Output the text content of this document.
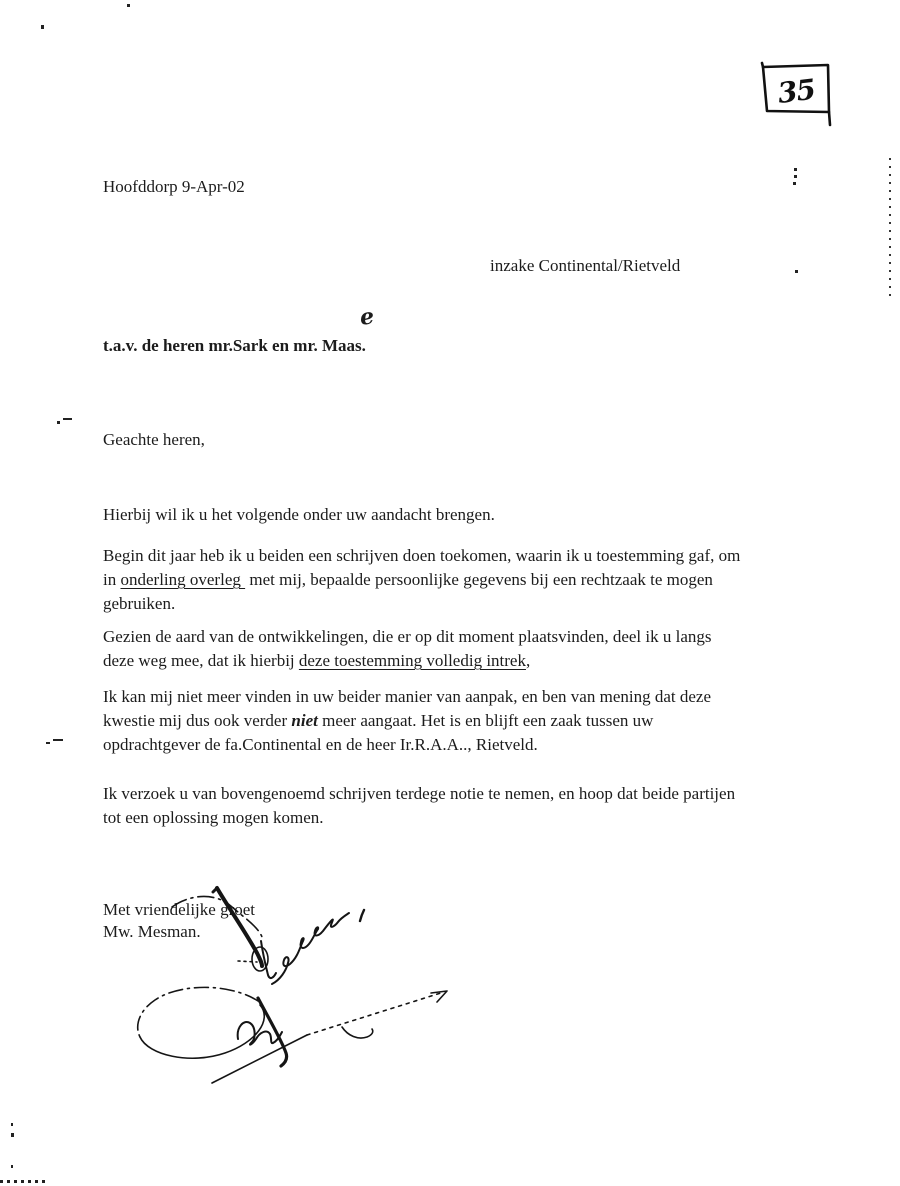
35
Hoofddorp 9-Apr-02
inzake Continental/Rietveld
e
t.a.v. de heren mr.Sark en mr. Maas.
Geachte heren,
Hierbij wil ik u het volgende onder uw aandacht brengen.
Begin dit jaar heb ik u beiden een schrijven doen toekomen, waarin ik u toestemming gaf, om
in onderling overleg  met mij, bepaalde persoonlijke gegevens bij een rechtzaak te mogen
gebruiken.
Gezien de aard van de ontwikkelingen, die er op dit moment plaatsvinden, deel ik u langs
deze weg mee, dat ik hierbij deze toestemming volledig intrek,
Ik kan mij niet meer vinden in uw beider manier van aanpak, en ben van mening dat deze
kwestie mij dus ook verder niet meer aangaat. Het is en blijft een zaak tussen uw
opdrachtgever de fa.Continental en de heer Ir.R.A.A.., Rietveld.
Ik verzoek u van bovengenoemd schrijven terdege notie te nemen, en hoop dat beide partijen
tot een oplossing mogen komen.
Met vriendelijke groet
Mw. Mesman.
